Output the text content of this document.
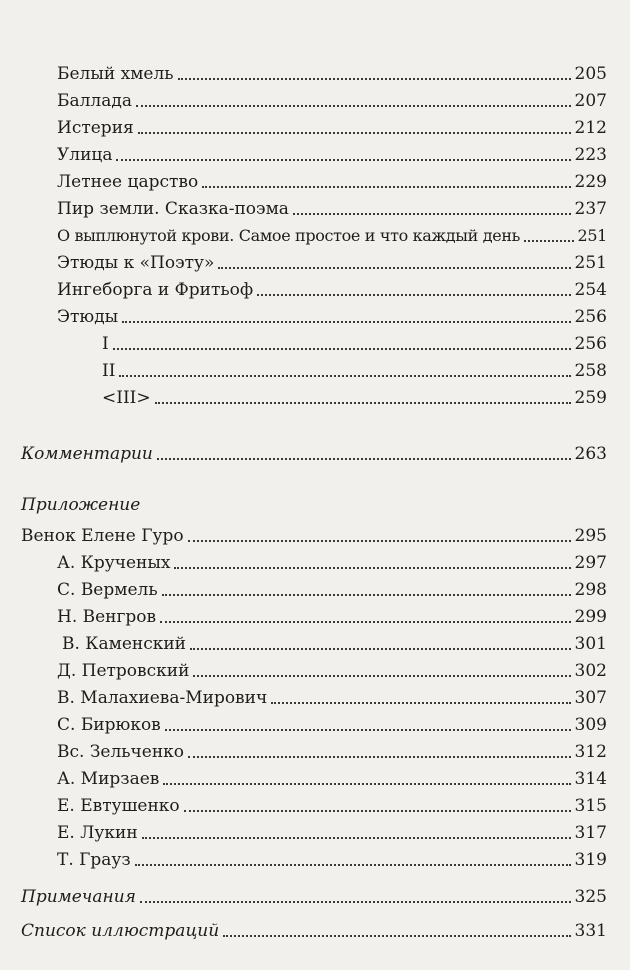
Белый хмель	205
Баллада	207
Истерия	212
Улица	223
Летнее царство	229
Пир земли. Сказка-поэма	237
О выплюнутой крови. Самое простое и что каждый день	251
Этюды к «Поэту»	251
Ингеборга и Фритьоф	254
Этюды	256
I	256
II	258
<III>	259
Комментарии	263
Приложение
Венок Елене Гуро	295
А. Крученых	297
С. Вермель	298
Н. Венгров	299
В. Каменский	301
Д. Петровский	302
В. Малахиева-Мирович	307
С. Бирюков	309
Вс. Зельченко	312
А. Мирзаев	314
Е. Евтушенко	315
Е. Лукин	317
Т. Грауз	319
Примечания	325
Список иллюстраций	331
